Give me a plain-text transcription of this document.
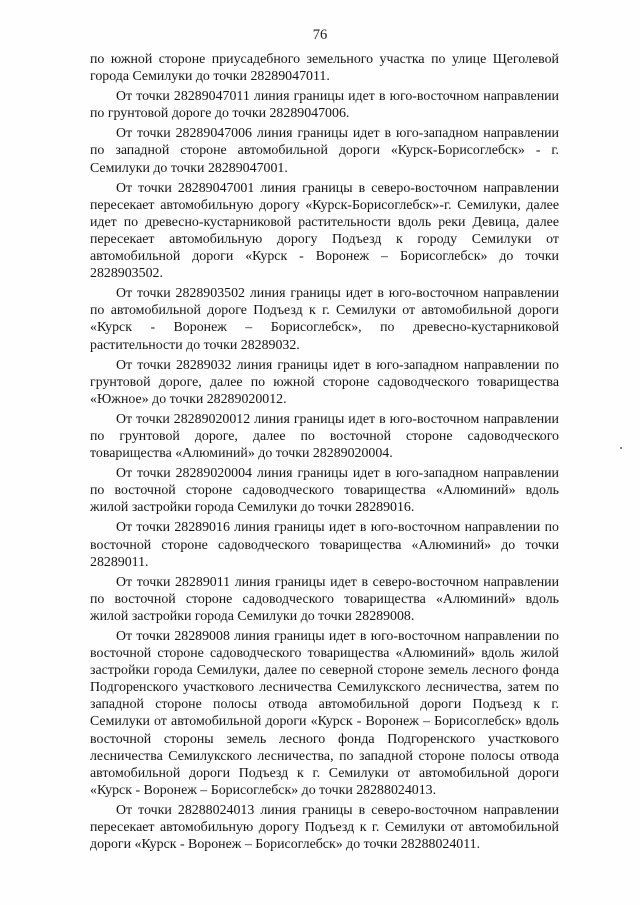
76

по южной стороне приусадебного земельного участка по улице Щеголевой города Семилуки до точки 28289047011.

От точки 28289047011 линия границы идет в юго-восточном направлении по грунтовой дороге до точки 28289047006.

От точки 28289047006 линия границы идет в юго-западном направлении по западной стороне автомобильной дороги «Курск-Борисоглебск» - г. Семилуки до точки 28289047001.

От точки 28289047001 линия границы в северо-восточном направлении пересекает автомобильную дорогу «Курск-Борисоглебск»-г. Семилуки, далее идет по древесно-кустарниковой растительности вдоль реки Девица, далее пересекает автомобильную дорогу Подъезд к городу Семилуки от автомобильной дороги «Курск - Воронеж – Борисоглебск» до точки 2828903502.

От точки 2828903502 линия границы идет в юго-восточном направлении по автомобильной дороге Подъезд к г. Семилуки от автомобильной дороги «Курск - Воронеж – Борисоглебск», по древесно-кустарниковой растительности до точки 28289032.

От точки 28289032 линия границы идет в юго-западном направлении по грунтовой дороге, далее по южной стороне садоводческого товарищества «Южное» до точки 28289020012.

От точки 28289020012 линия границы идет в юго-восточном направлении по грунтовой дороге, далее по восточной стороне садоводческого товарищества «Алюминий» до точки 28289020004.

От точки 28289020004 линия границы идет в юго-западном направлении по восточной стороне садоводческого товарищества «Алюминий» вдоль жилой застройки города Семилуки до точки 28289016.

От точки 28289016 линия границы идет в юго-восточном направлении по восточной стороне садоводческого товарищества «Алюминий» до точки 28289011.

От точки 28289011 линия границы идет в северо-восточном направлении по восточной стороне садоводческого товарищества «Алюминий» вдоль жилой застройки города Семилуки до точки 28289008.

От точки 28289008 линия границы идет в юго-восточном направлении по восточной стороне садоводческого товарищества «Алюминий» вдоль жилой застройки города Семилуки, далее по северной стороне земель лесного фонда Подгоренского участкового лесничества Семилукского лесничества, затем по западной стороне полосы отвода автомобильной дороги Подъезд к г. Семилуки от автомобильной дороги «Курск - Воронеж – Борисоглебск» вдоль восточной стороны земель лесного фонда Подгоренского участкового лесничества Семилукского лесничества, по западной стороне полосы отвода автомобильной дороги Подъезд к г. Семилуки от автомобильной дороги «Курск - Воронеж – Борисоглебск» до точки 28288024013.

От точки 28288024013 линия границы в северо-восточном направлении пересекает автомобильную дорогу Подъезд к г. Семилуки от автомобильной дороги «Курск - Воронеж – Борисоглебск» до точки 28288024011.
